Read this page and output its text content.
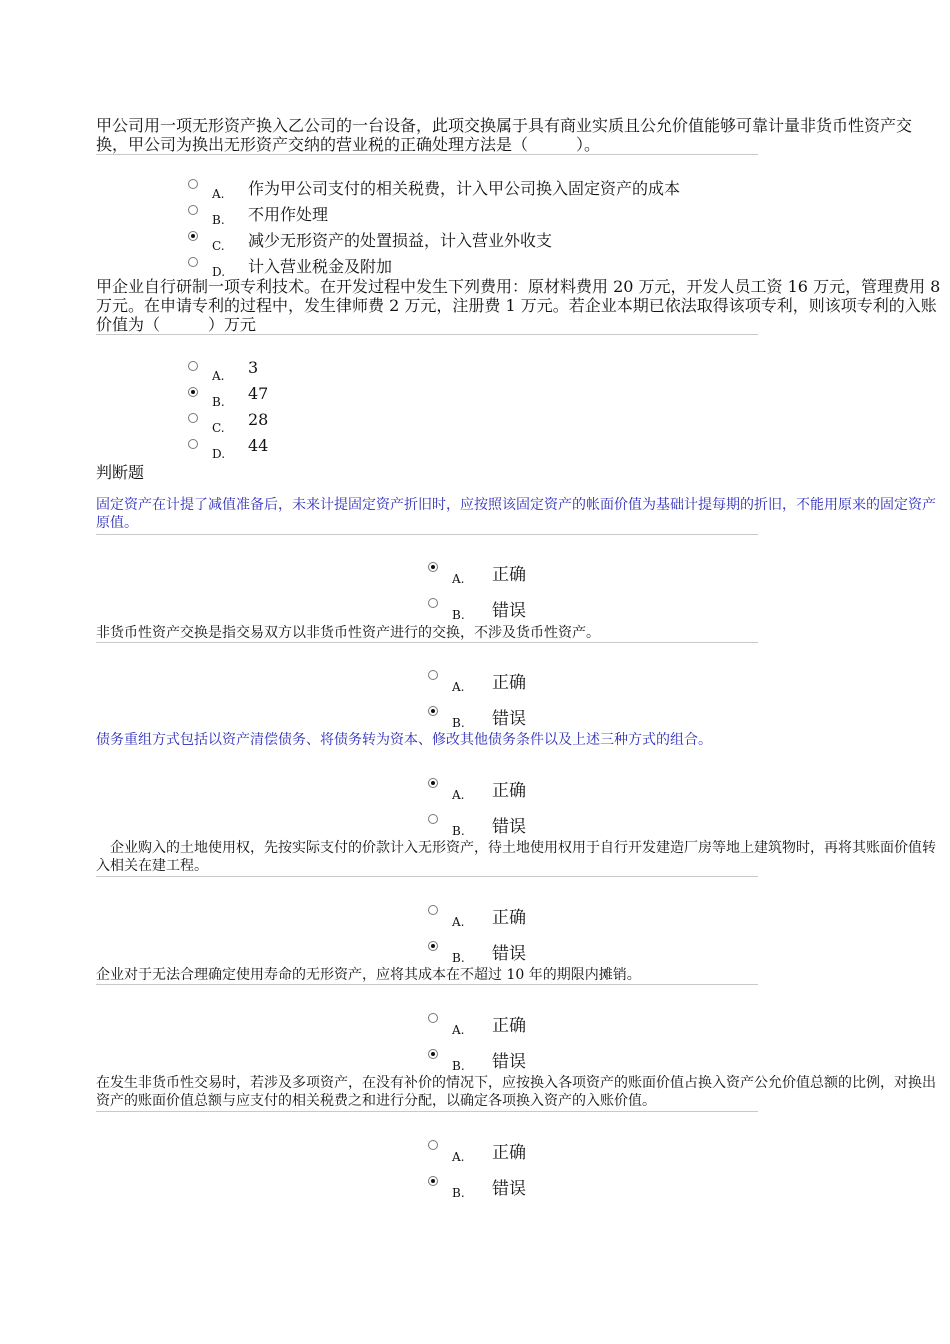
甲公司用一项无形资产换入乙公司的一台设备，此项交换属于具有商业实质且公允价值能够可靠计量非货币性资产交换，甲公司为换出无形资产交纳的营业税的正确处理方法是（　　　）。
A. 作为甲公司支付的相关税费，计入甲公司换入固定资产的成本
B. 不用作处理
C. 减少无形资产的处置损益，计入营业外收支
D. 计入营业税金及附加
甲企业自行研制一项专利技术。在开发过程中发生下列费用：原材料费用 20 万元，开发人员工资 16 万元，管理费用 8 万元。在申请专利的过程中，发生律师费 2 万元，注册费 1 万元。若企业本期已依法取得该项专利，则该项专利的入账价值为（　　　）万元
A. 3
B. 47
C. 28
D. 44
判断题
固定资产在计提了减值准备后，未来计提固定资产折旧时，应按照该固定资产的帐面价值为基础计提每期的折旧，不能用原来的固定资产原值。
A. 正确
B. 错误
非货币性资产交换是指交易双方以非货币性资产进行的交换，不涉及货币性资产。
A. 正确
B. 错误
债务重组方式包括以资产清偿债务、将债务转为资本、修改其他债务条件以及上述三种方式的组合。
A. 正确
B. 错误
　企业购入的土地使用权，先按实际支付的价款计入无形资产，待土地使用权用于自行开发建造厂房等地上建筑物时，再将其账面价值转入相关在建工程。
A. 正确
B. 错误
企业对于无法合理确定使用寿命的无形资产，应将其成本在不超过 10 年的期限内摊销。
A. 正确
B. 错误
在发生非货币性交易时，若涉及多项资产，在没有补价的情况下，应按换入各项资产的账面价值占换入资产公允价值总额的比例，对换出资产的账面价值总额与应支付的相关税费之和进行分配，以确定各项换入资产的入账价值。
A. 正确
B. 错误
